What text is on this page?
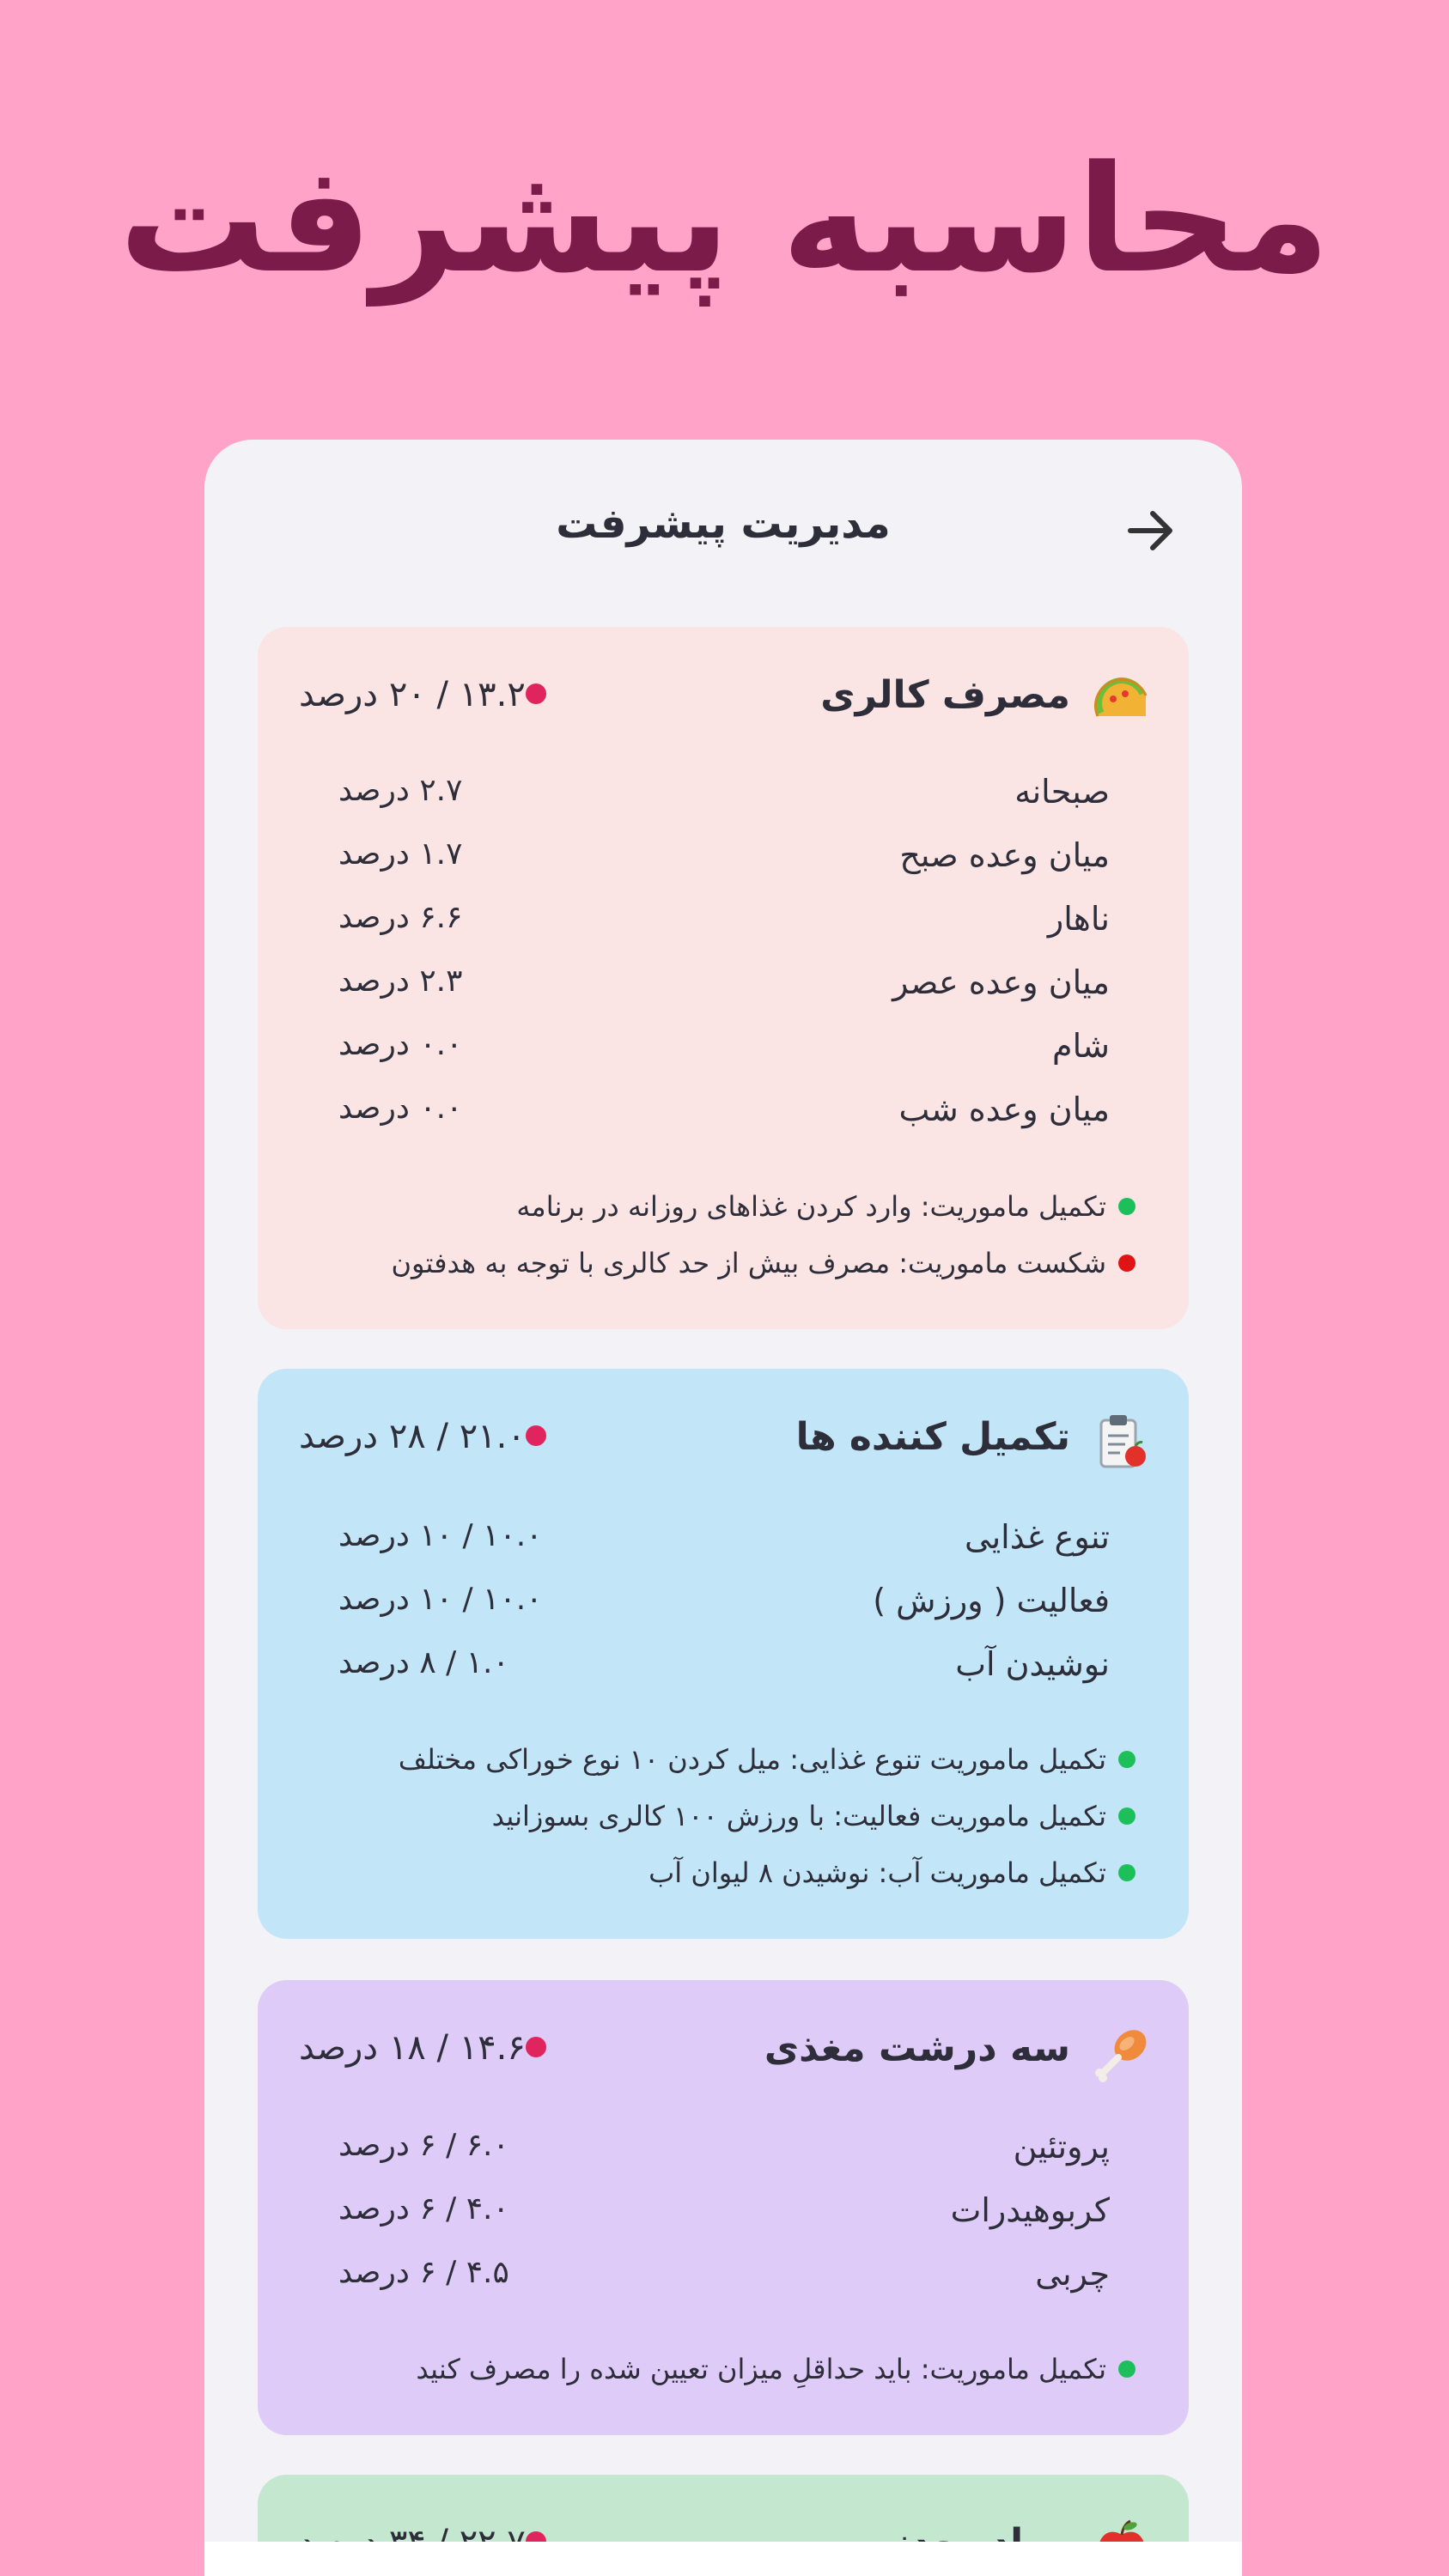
محاسبه پیشرفت
مدیریت پیشرفت
مصرف کالری
۱۳.۲ / ۲۰ درصد
صبحانه
۲.۷ درصد
میان وعده صبح
۱.۷ درصد
ناهار
۶.۶ درصد
میان وعده عصر
۲.۳ درصد
شام
۰.۰ درصد
میان وعده شب
۰.۰ درصد
تکمیل ماموریت: وارد کردن غذاهای روزانه در برنامه
شکست ماموریت: مصرف بیش از حد کالری با توجه به هدفتون
تکمیل کننده ها
۲۱.۰ / ۲۸ درصد
تنوع غذایی
۱۰.۰ / ۱۰ درصد
فعالیت ( ورزش )
۱۰.۰ / ۱۰ درصد
نوشیدن آب
۱.۰ / ۸ درصد
تکمیل ماموریت تنوع غذایی: میل کردن ۱۰ نوع خوراکی مختلف
تکمیل ماموریت فعالیت: با ورزش ۱۰۰ کالری بسوزانید
تکمیل ماموریت آب: نوشیدن ۸ لیوان آب
سه درشت مغذی
۱۴.۶ / ۱۸ درصد
پروتئین
۶.۰ / ۶ درصد
کربوهیدرات
۴.۰ / ۶ درصد
چربی
۴.۵ / ۶ درصد
تکمیل ماموریت: باید حداقلِ میزان تعیین شده را مصرف کنید
